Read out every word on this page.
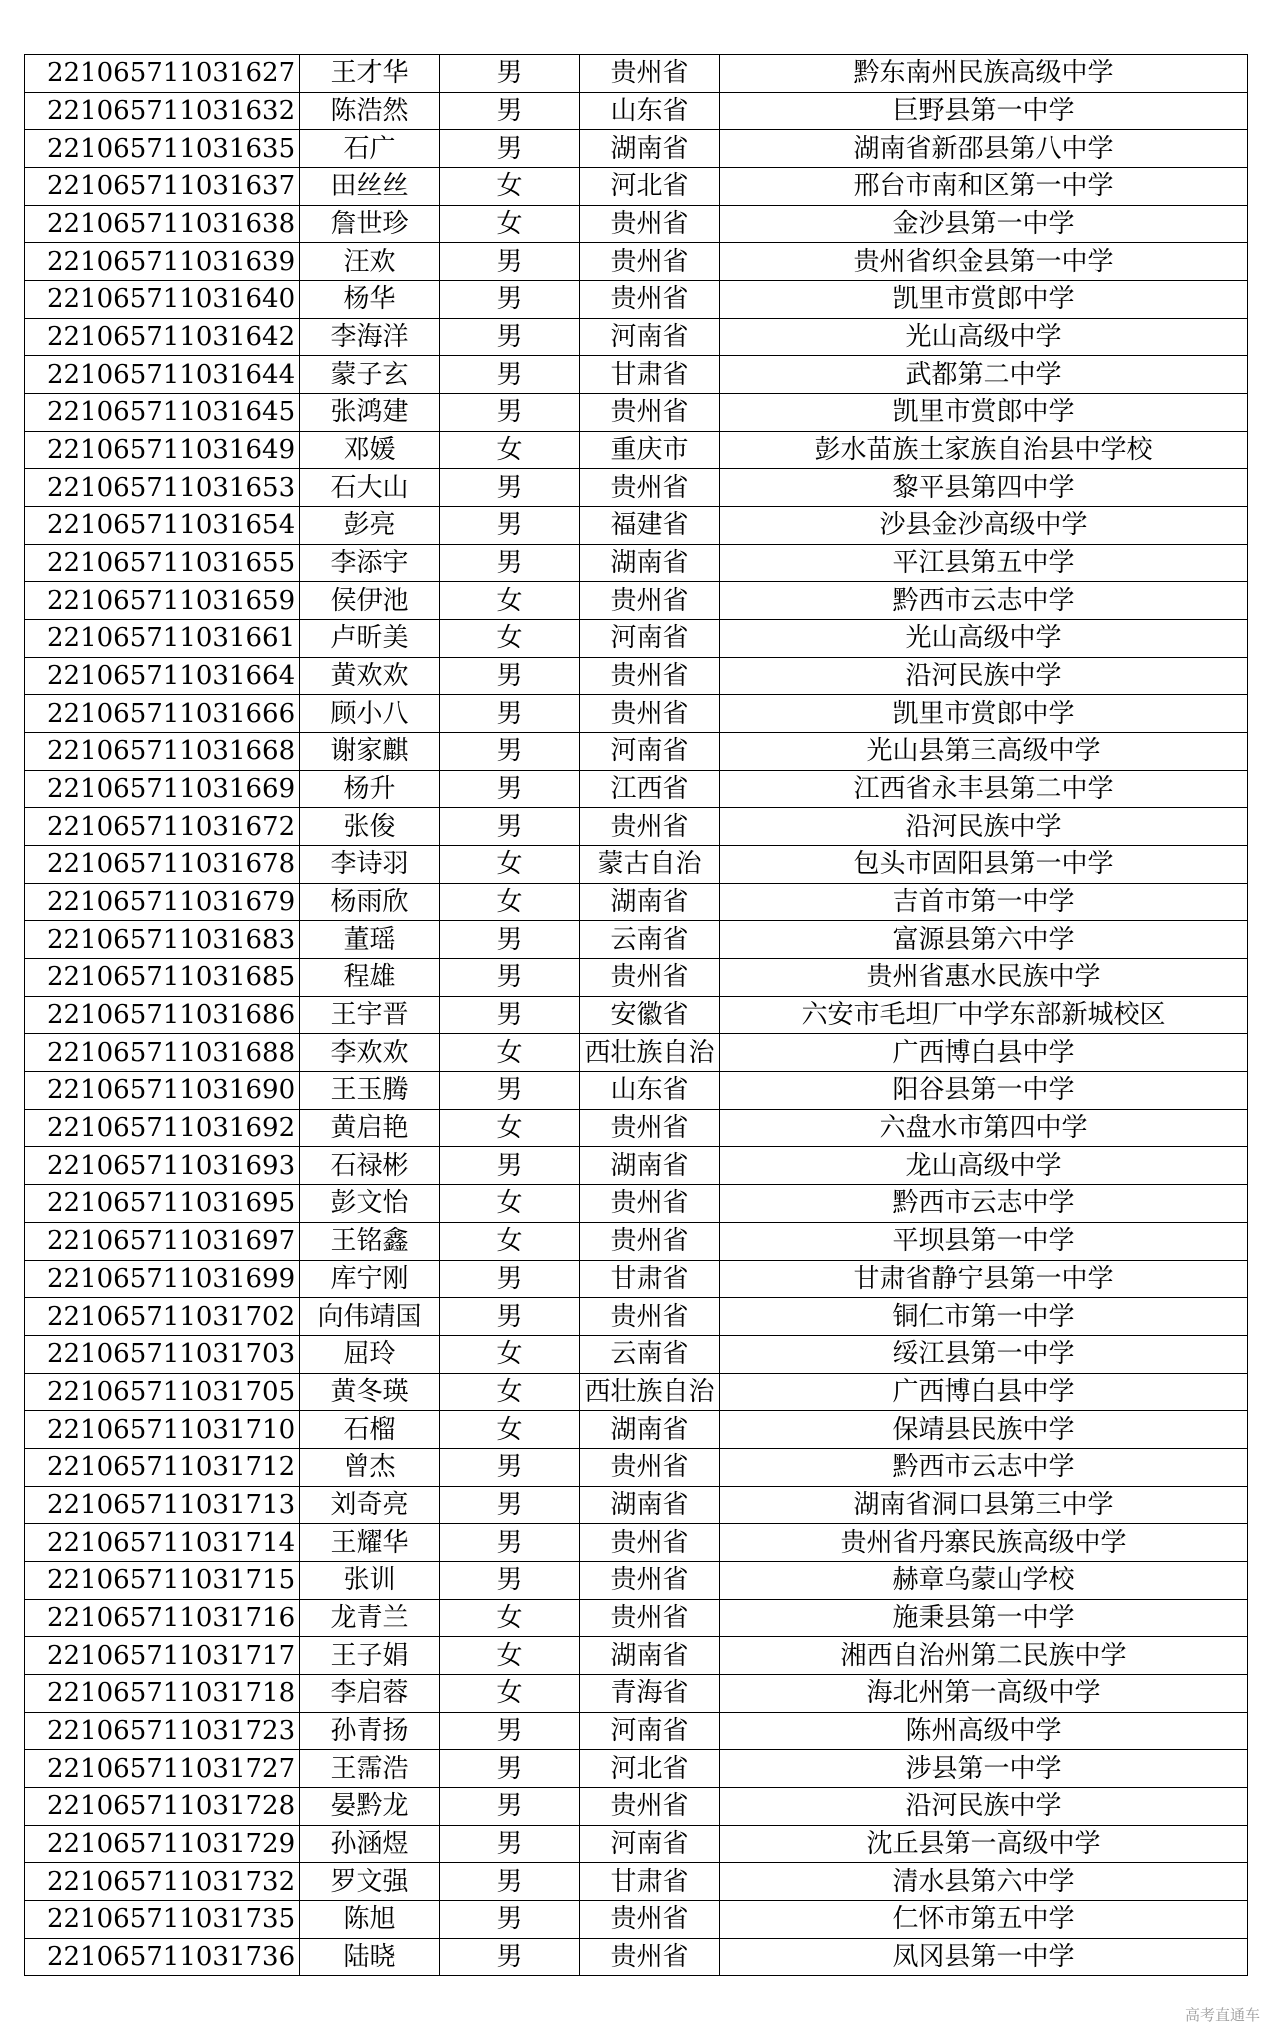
221065711031627	王才华	男	贵州省	黔东南州民族高级中学
221065711031632	陈浩然	男	山东省	巨野县第一中学
221065711031635	石广	男	湖南省	湖南省新邵县第八中学
221065711031637	田丝丝	女	河北省	邢台市南和区第一中学
221065711031638	詹世珍	女	贵州省	金沙县第一中学
221065711031639	汪欢	男	贵州省	贵州省织金县第一中学
221065711031640	杨华	男	贵州省	凯里市赏郎中学
221065711031642	李海洋	男	河南省	光山高级中学
221065711031644	蒙子玄	男	甘肃省	武都第二中学
221065711031645	张鸿建	男	贵州省	凯里市赏郎中学
221065711031649	邓媛	女	重庆市	彭水苗族土家族自治县中学校
221065711031653	石大山	男	贵州省	黎平县第四中学
221065711031654	彭亮	男	福建省	沙县金沙高级中学
221065711031655	李添宇	男	湖南省	平江县第五中学
221065711031659	侯伊池	女	贵州省	黔西市云志中学
221065711031661	卢昕美	女	河南省	光山高级中学
221065711031664	黄欢欢	男	贵州省	沿河民族中学
221065711031666	顾小八	男	贵州省	凯里市赏郎中学
221065711031668	谢家麒	男	河南省	光山县第三高级中学
221065711031669	杨升	男	江西省	江西省永丰县第二中学
221065711031672	张俊	男	贵州省	沿河民族中学
221065711031678	李诗羽	女	蒙古自治	包头市固阳县第一中学
221065711031679	杨雨欣	女	湖南省	吉首市第一中学
221065711031683	董瑶	男	云南省	富源县第六中学
221065711031685	程雄	男	贵州省	贵州省惠水民族中学
221065711031686	王宇晋	男	安徽省	六安市毛坦厂中学东部新城校区
221065711031688	李欢欢	女	西壮族自治	广西博白县中学
221065711031690	王玉腾	男	山东省	阳谷县第一中学
221065711031692	黄启艳	女	贵州省	六盘水市第四中学
221065711031693	石禄彬	男	湖南省	龙山高级中学
221065711031695	彭文怡	女	贵州省	黔西市云志中学
221065711031697	王铭鑫	女	贵州省	平坝县第一中学
221065711031699	库宁刚	男	甘肃省	甘肃省静宁县第一中学
221065711031702	向伟靖国	男	贵州省	铜仁市第一中学
221065711031703	屈玲	女	云南省	绥江县第一中学
221065711031705	黄冬瑛	女	西壮族自治	广西博白县中学
221065711031710	石榴	女	湖南省	保靖县民族中学
221065711031712	曾杰	男	贵州省	黔西市云志中学
221065711031713	刘奇亮	男	湖南省	湖南省洞口县第三中学
221065711031714	王耀华	男	贵州省	贵州省丹寨民族高级中学
221065711031715	张训	男	贵州省	赫章乌蒙山学校
221065711031716	龙青兰	女	贵州省	施秉县第一中学
221065711031717	王子娟	女	湖南省	湘西自治州第二民族中学
221065711031718	李启蓉	女	青海省	海北州第一高级中学
221065711031723	孙青扬	男	河南省	陈州高级中学
221065711031727	王霈浩	男	河北省	涉县第一中学
221065711031728	晏黔龙	男	贵州省	沿河民族中学
221065711031729	孙涵煜	男	河南省	沈丘县第一高级中学
221065711031732	罗文强	男	甘肃省	清水县第六中学
221065711031735	陈旭	男	贵州省	仁怀市第五中学
221065711031736	陆晓	男	贵州省	凤冈县第一中学
高考直通车
